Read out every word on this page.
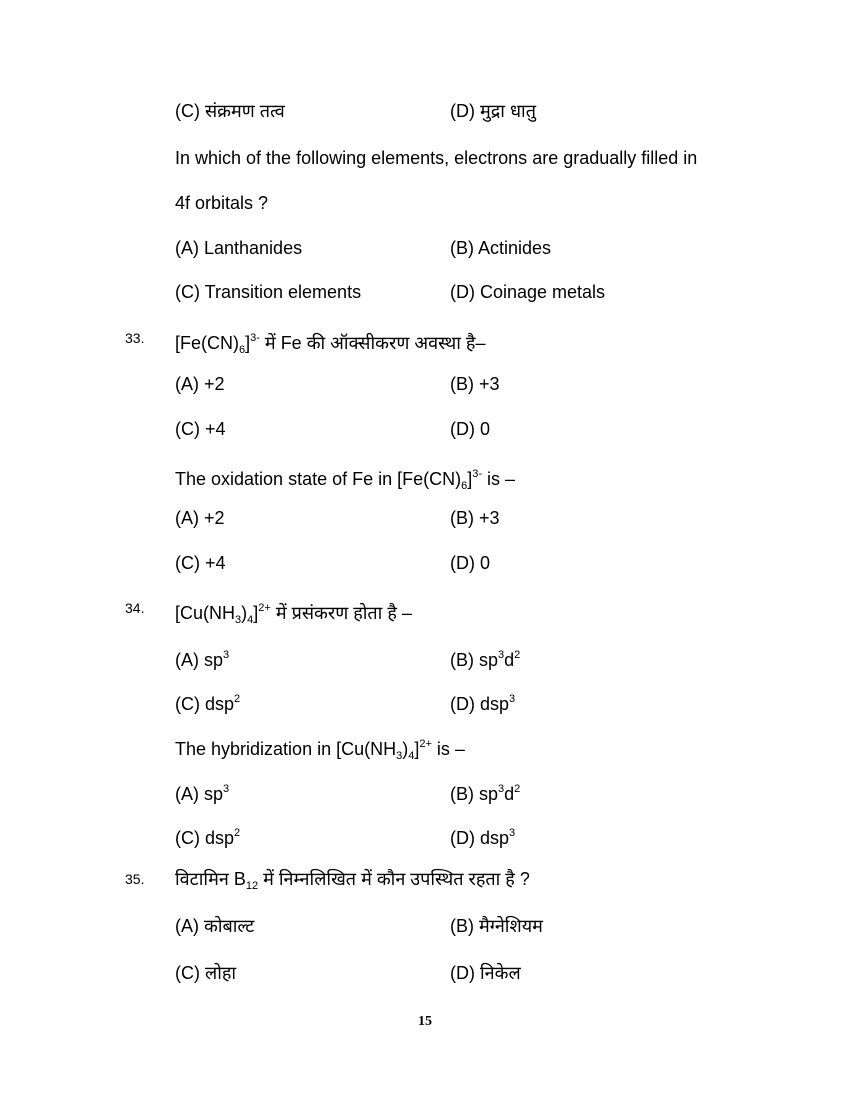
(C) संक्रमण तत्व	(D) मुद्रा धातु
In which of the following elements, electrons are gradually filled in
4f orbitals ?
(A) Lanthanides	(B) Actinides
(C) Transition elements	(D) Coinage metals
33. $[Fe(CN)_6]^{3-}$ में Fe की ऑक्सीकरण अवस्था है–
(A) +2	(B) +3
(C) +4	(D) 0
The oxidation state of Fe in $[Fe(CN)_6]^{3-}$ is –
(A) +2	(B) +3
(C) +4	(D) 0
34. $[Cu(NH_3)_4]^{2+}$ में प्रसंकरण होता है –
(A) $sp^3$	(B) $sp^3d^2$
(C) dsp$^2$	(D) dsp$^3$
The hybridization in $[Cu(NH_3)_4]^{2+}$ is –
(A) $sp^3$	(B) $sp^3d^2$
(C) dsp$^2$	(D) dsp$^3$
35. विटामिन $B_{12}$ में निम्नलिखित में कौन उपस्थित रहता है ?
(A) कोबाल्ट	(B) मैग्नेशियम
(C) लोहा	(D) निकेल
15
